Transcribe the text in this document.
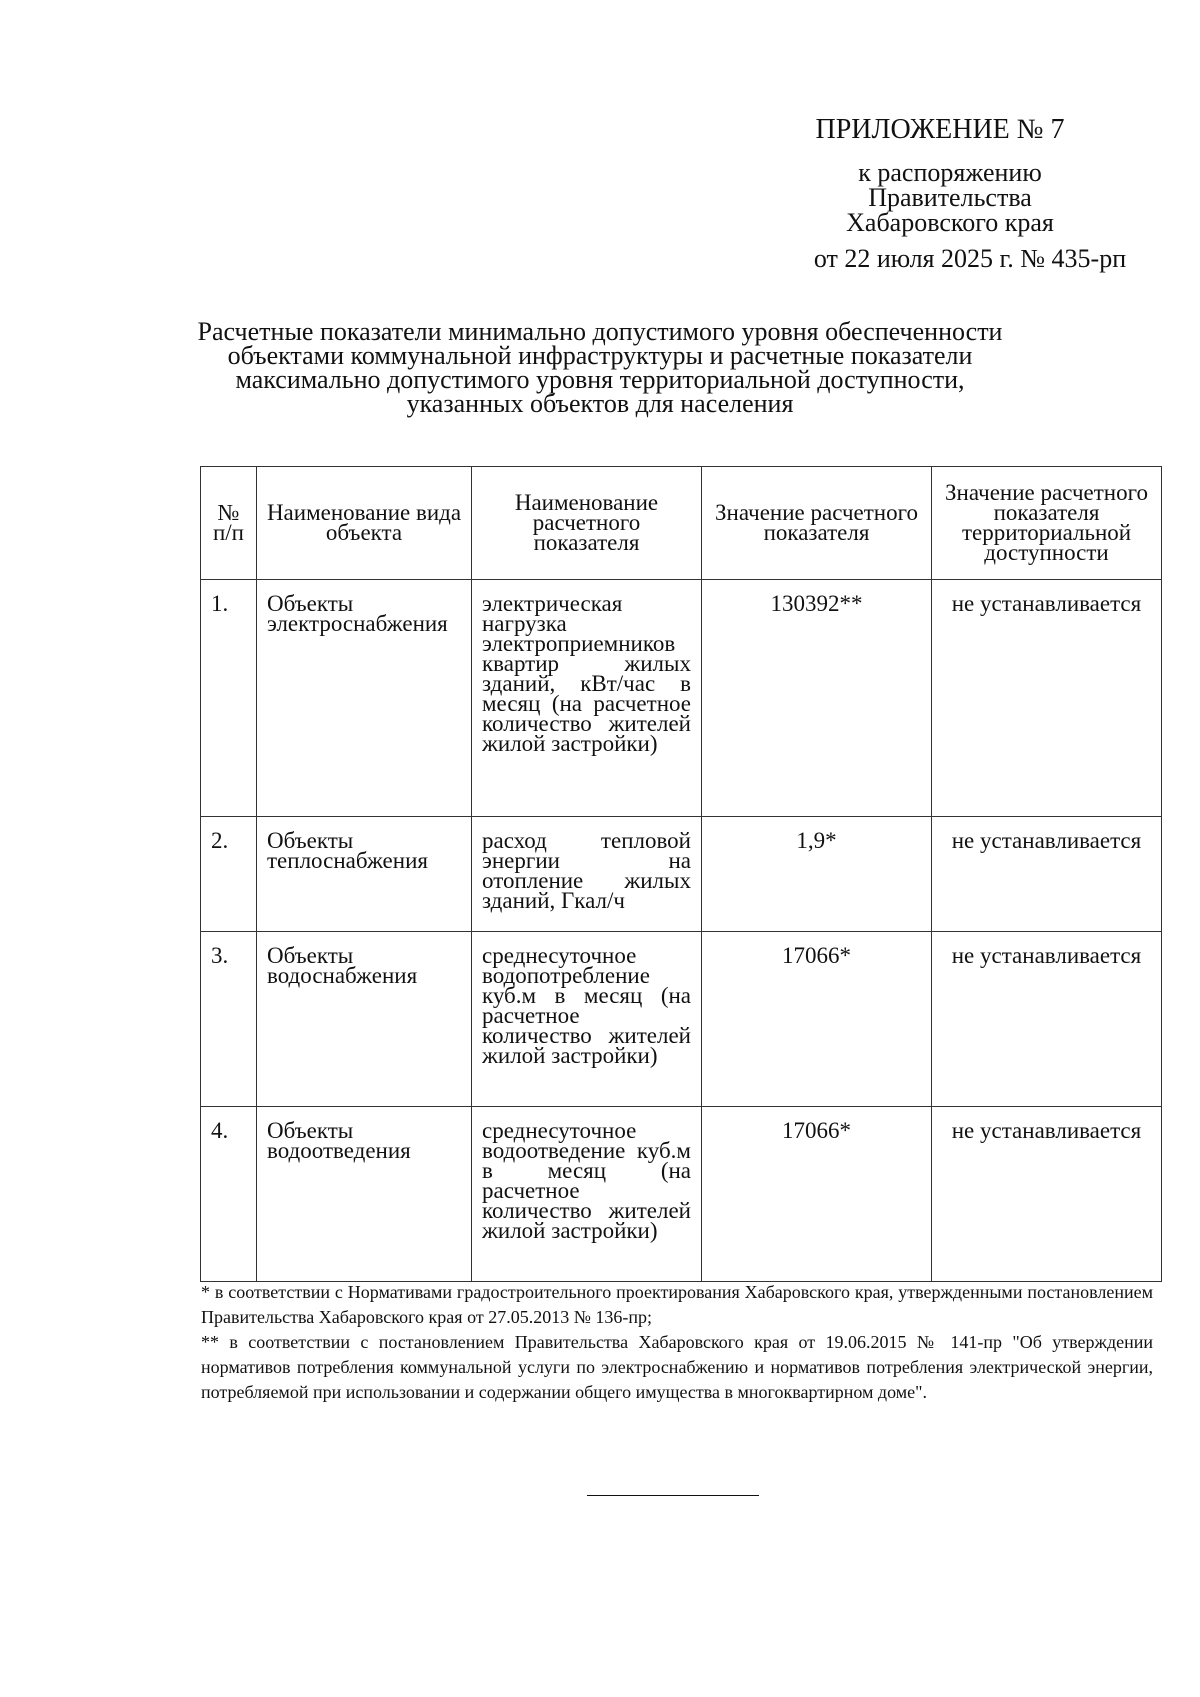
ПРИЛОЖЕНИЕ № 7
к распоряжению
Правительства
Хабаровского края
от 22 июля 2025 г. № 435-рп
Расчетные показатели минимально допустимого уровня обеспеченности
объектами коммунальной инфраструктуры и расчетные показатели
максимально допустимого уровня территориальной доступности,
указанных объектов для населения
№ п/п	Наименование вида объекта	Наименование расчетного показателя	Значение расчетного показателя	Значение расчетного показателя территориальной доступности
1.	Объекты электроснабжения	электрическая нагрузка электроприемников квартир жилых зданий, кВт/час в месяц (на расчетное количество жителей жилой застройки)	130392**	не устанавливается
2.	Объекты теплоснабжения	расход тепловой энергии на отопление жилых зданий, Гкал/ч	1,9*	не устанавливается
3.	Объекты водоснабжения	среднесуточное водопотребление куб.м в месяц (на расчетное количество жителей жилой застройки)	17066*	не устанавливается
4.	Объекты водоотведения	среднесуточное водоотведение куб.м в месяц (на расчетное количество жителей жилой застройки)	17066*	не устанавливается

* в соответствии с Нормативами градостроительного проектирования Хабаровского края, утвержденными постановлением Правительства Хабаровского края от 27.05.2013 № 136-пр;

** в соответствии с постановлением Правительства Хабаровского края от 19.06.2015 № 141-пр "Об утверждении нормативов потребления коммунальной услуги по электроснабжению и нормативов потребления электрической энергии, потребляемой при использовании и содержании общего имущества в многоквартирном доме".
